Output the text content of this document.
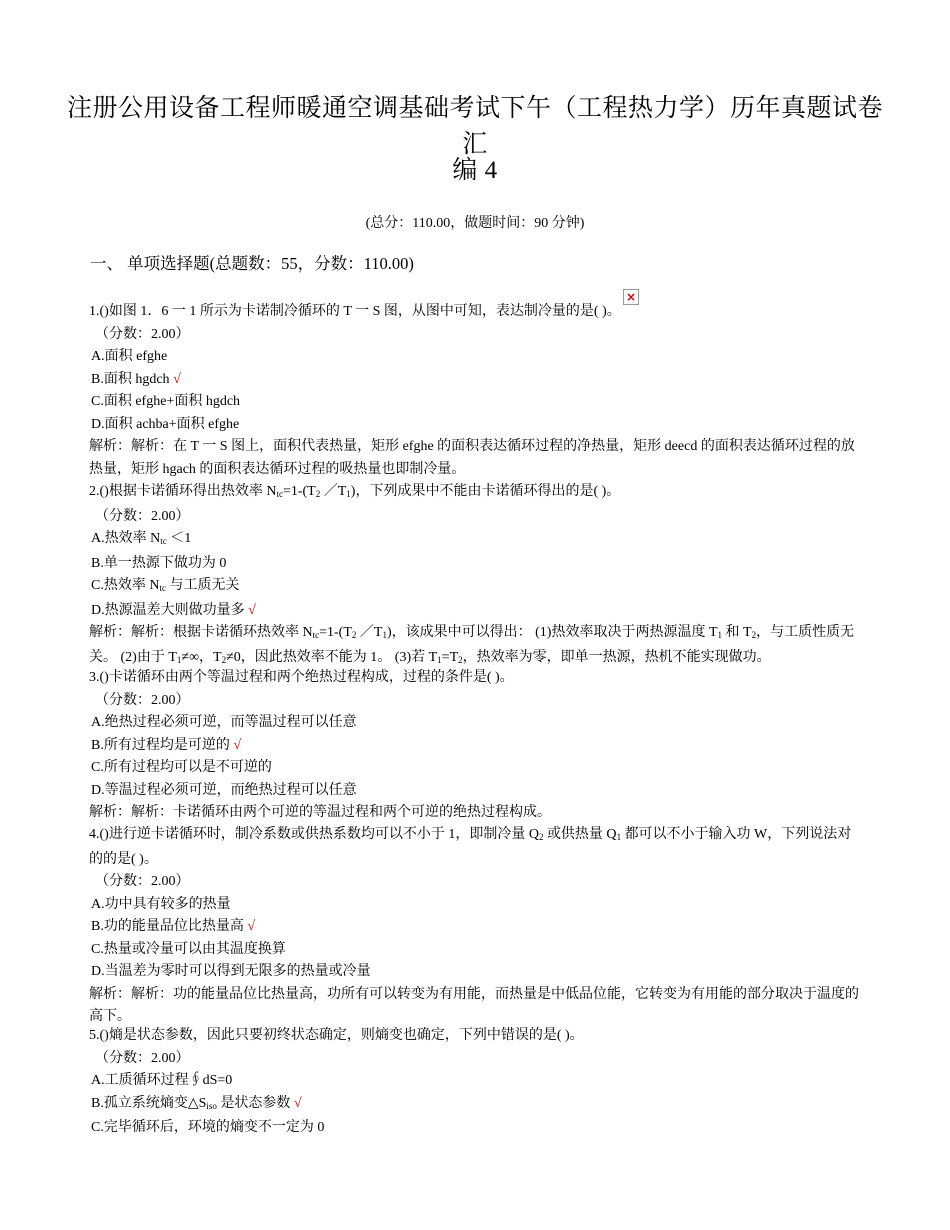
注册公用设备工程师暖通空调基础考试下午（工程热力学）历年真题试卷汇
编 4
(总分：110.00，做题时间：90 分钟)
一、 单项选择题(总题数：55，分数：110.00)
×
1.()如图 1．6 一 1 所示为卡诺制冷循环的 T 一 S 图，从图中可知，表达制冷量的是( )。
（分数：2.00）
A.面积 efghe
B.面积 hgdch √
C.面积 efghe+面积 hgdch
D.面积 achba+面积 efghe
解析：解析：在 T 一 S 图上，面积代表热量，矩形 efghe 的面积表达循环过程的净热量，矩形 deecd 的面积表达循环过程的放热量，矩形 hgach 的面积表达循环过程的吸热量也即制冷量。
2.()根据卡诺循环得出热效率 $N_{tc}=1-(T_2$ $/T_1$)，下列成果中不能由卡诺循环得出的是( )。
（分数：2.00）
A.热效率 $N_{tc} <1$
B.单一热源下做功为 0
C.热效率 $N_{tc}$ 与工质无关
D.热源温差大则做功量多 √
解析：解析：根据卡诺循环热效率 $N_{tc}=1-(T_2$ $/T_1$)，该成果中可以得出： (1)热效率取决于两热源温度 $T_1$ 和 $T_2$，与工质性质无关。 (2)由于 $T_1\ne\infty$，$T_2\ne 0$，因此热效率不能为 1。 (3)若 $T_1=T_2$，热效率为零，即单一热源，热机不能实现做功。
3.()卡诺循环由两个等温过程和两个绝热过程构成，过程的条件是( )。
（分数：2.00）
A.绝热过程必须可逆，而等温过程可以任意
B.所有过程均是可逆的 √
C.所有过程均可以是不可逆的
D.等温过程必须可逆，而绝热过程可以任意
解析：解析：卡诺循环由两个可逆的等温过程和两个可逆的绝热过程构成。
4.()进行逆卡诺循环时，制冷系数或供热系数均可以不小于 1，即制冷量 $Q_2$ 或供热量 $Q_1$ 都可以不小于输入功 W，下列说法对的的是( )。
（分数：2.00）
A.功中具有较多的热量
B.功的能量品位比热量高 √
C.热量或冷量可以由其温度换算
D.当温差为零时可以得到无限多的热量或冷量
解析：解析：功的能量品位比热量高，功所有可以转变为有用能，而热量是中低品位能，它转变为有用能的部分取决于温度的高下。
5.()熵是状态参数，因此只要初终状态确定，则熵变也确定，下列中错误的是( )。
（分数：2.00）
A.工质循环过程∮dS=0
B.孤立系统熵变$\triangle S_{iso}$ 是状态参数 √
C.完毕循环后，环境的熵变不一定为 0
